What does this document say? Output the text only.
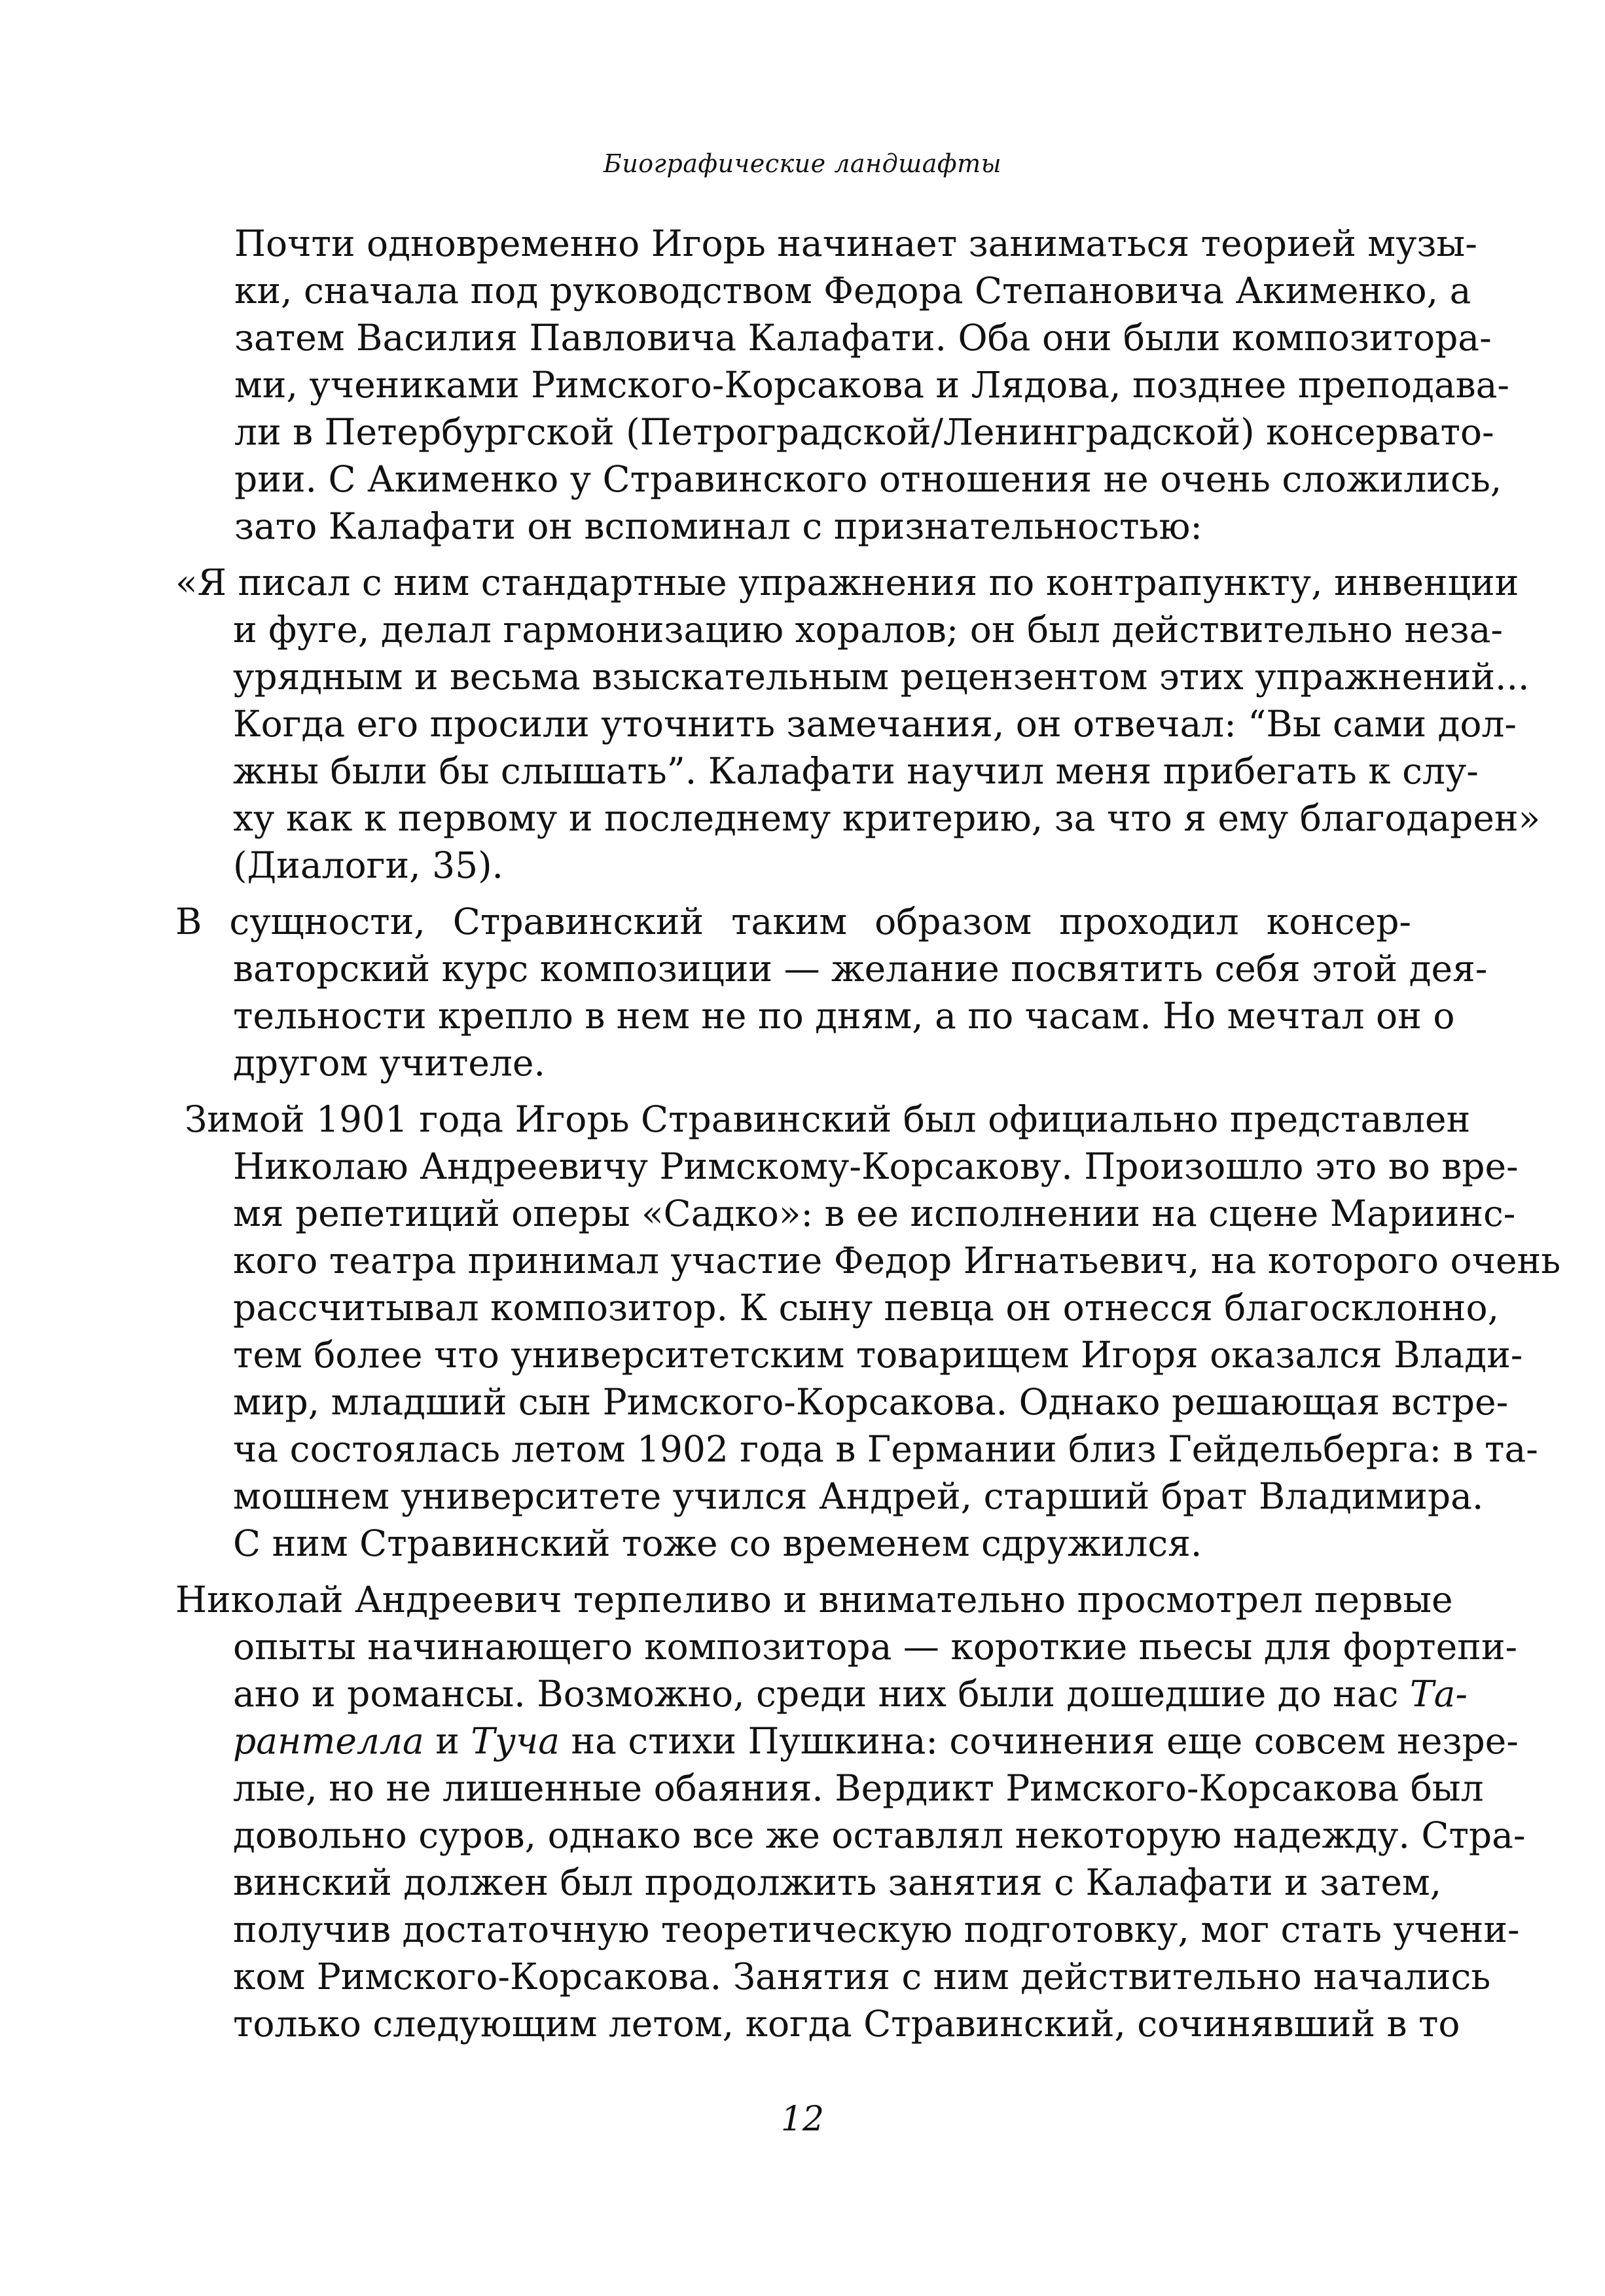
Биографические ландшафты
Почти одновременно Игорь начинает заниматься теорией музы-
ки, сначала под руководством Федора Степановича Акименко, а
затем Василия Павловича Калафати. Оба они были композитора-
ми, учениками Римского-Корсакова и Лядова, позднее преподава-
ли в Петербургской (Петроградской/Ленинградской) консервато-
рии. С Акименко у Стравинского отношения не очень сложились,
зато Калафати он вспоминал с признательностью:
«Я писал с ним стандартные упражнения по контрапункту, инвенции
и фуге, делал гармонизацию хоралов; он был действительно неза-
урядным и весьма взыскательным рецензентом этих упражнений...
Когда его просили уточнить замечания, он отвечал: “Вы сами дол-
жны были бы слышать”. Калафати научил меня прибегать к слу-
ху как к первому и последнему критерию, за что я ему благодарен»
(Диалоги, 35).
В сущности, Стравинский таким образом проходил консер-
ваторский курс композиции — желание посвятить себя этой дея-
тельности крепло в нем не по дням, а по часам. Но мечтал он о
другом учителе.
Зимой 1901 года Игорь Стравинский был официально представлен
Николаю Андреевичу Римскому-Корсакову. Произошло это во вре-
мя репетиций оперы «Садко»: в ее исполнении на сцене Мариинс-
кого театра принимал участие Федор Игнатьевич, на которого очень
рассчитывал композитор. К сыну певца он отнесся благосклонно,
тем более что университетским товарищем Игоря оказался Влади-
мир, младший сын Римского-Корсакова. Однако решающая встре-
ча состоялась летом 1902 года в Германии близ Гейдельберга: в та-
мошнем университете учился Андрей, старший брат Владимира.
С ним Стравинский тоже со временем сдружился.
Николай Андреевич терпеливо и внимательно просмотрел первые
опыты начинающего композитора — короткие пьесы для фортепи-
ано и романсы. Возможно, среди них были дошедшие до нас Та-
рантелла и Туча на стихи Пушкина: сочинения еще совсем незре-
лые, но не лишенные обаяния. Вердикт Римского-Корсакова был
довольно суров, однако все же оставлял некоторую надежду. Стра-
винский должен был продолжить занятия с Калафати и затем,
получив достаточную теоретическую подготовку, мог стать учени-
ком Римского-Корсакова. Занятия с ним действительно начались
только следующим летом, когда Стравинский, сочинявший в то
12
